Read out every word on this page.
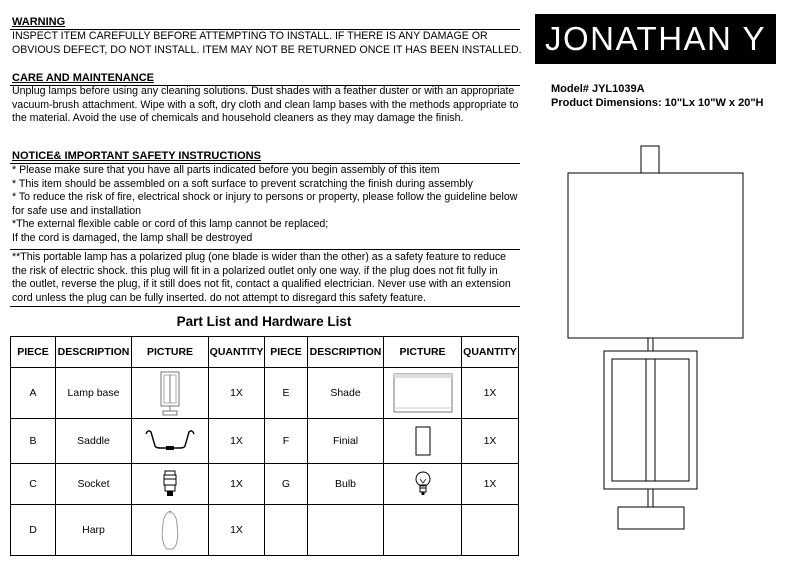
WARNING

INSPECT ITEM CAREFULLY BEFORE ATTEMPTING TO INSTALL. IF THERE IS ANY DAMAGE OR

OBVIOUS DEFECT, DO NOT INSTALL. ITEM MAY NOT BE RETURNED ONCE IT HAS BEEN INSTALLED.

CARE AND MAINTENANCE

Unplug lamps before using any cleaning solutions. Dust shades with a feather duster or with an appropriate

vacuum-brush attachment. Wipe with a soft, dry cloth and clean lamp bases with the methods appropriate to

the material. Avoid the use of chemicals and household cleaners as they may damage the finish.

NOTICE& IMPORTANT SAFETY INSTRUCTIONS

* Please make sure that you have all parts indicated before you begin assembly of this item

* This item should be assembled on a soft surface to prevent scratching the finish during assembly

* To reduce the risk of fire, electrical shock or injury to persons or property, please follow the guideline below

for safe use and installation

*The external flexible cable or cord of this lamp cannot be replaced;

If the cord is damaged, the lamp shall be destroyed

**This portable lamp has a polarized plug (one blade is wider than the other) as a safety feature to reduce

the risk of electric shock. this plug will fit in a polarized outlet only one way. if the plug does not fit fully in

the outlet, reverse the plug, if it still does not fit, contact a qualified electrician. Never use with an extension

cord unless the plug can be fully inserted. do not attempt to disregard this safety feature.

JONATHAN Y
Model# JYL1039A
Product Dimensions: 10"Lx 10"W x 20"H
Part List and Hardware List
PIECE	DESCRIPTION	PICTURE	QUANTITY	PIECE	DESCRIPTION	PICTURE	QUANTITY
A	Lamp base		1X	E	Shade		1X
B	Saddle		1X	F	Finial		1X
C	Socket		1X	G	Bulb		1X
D	Harp		1X				
